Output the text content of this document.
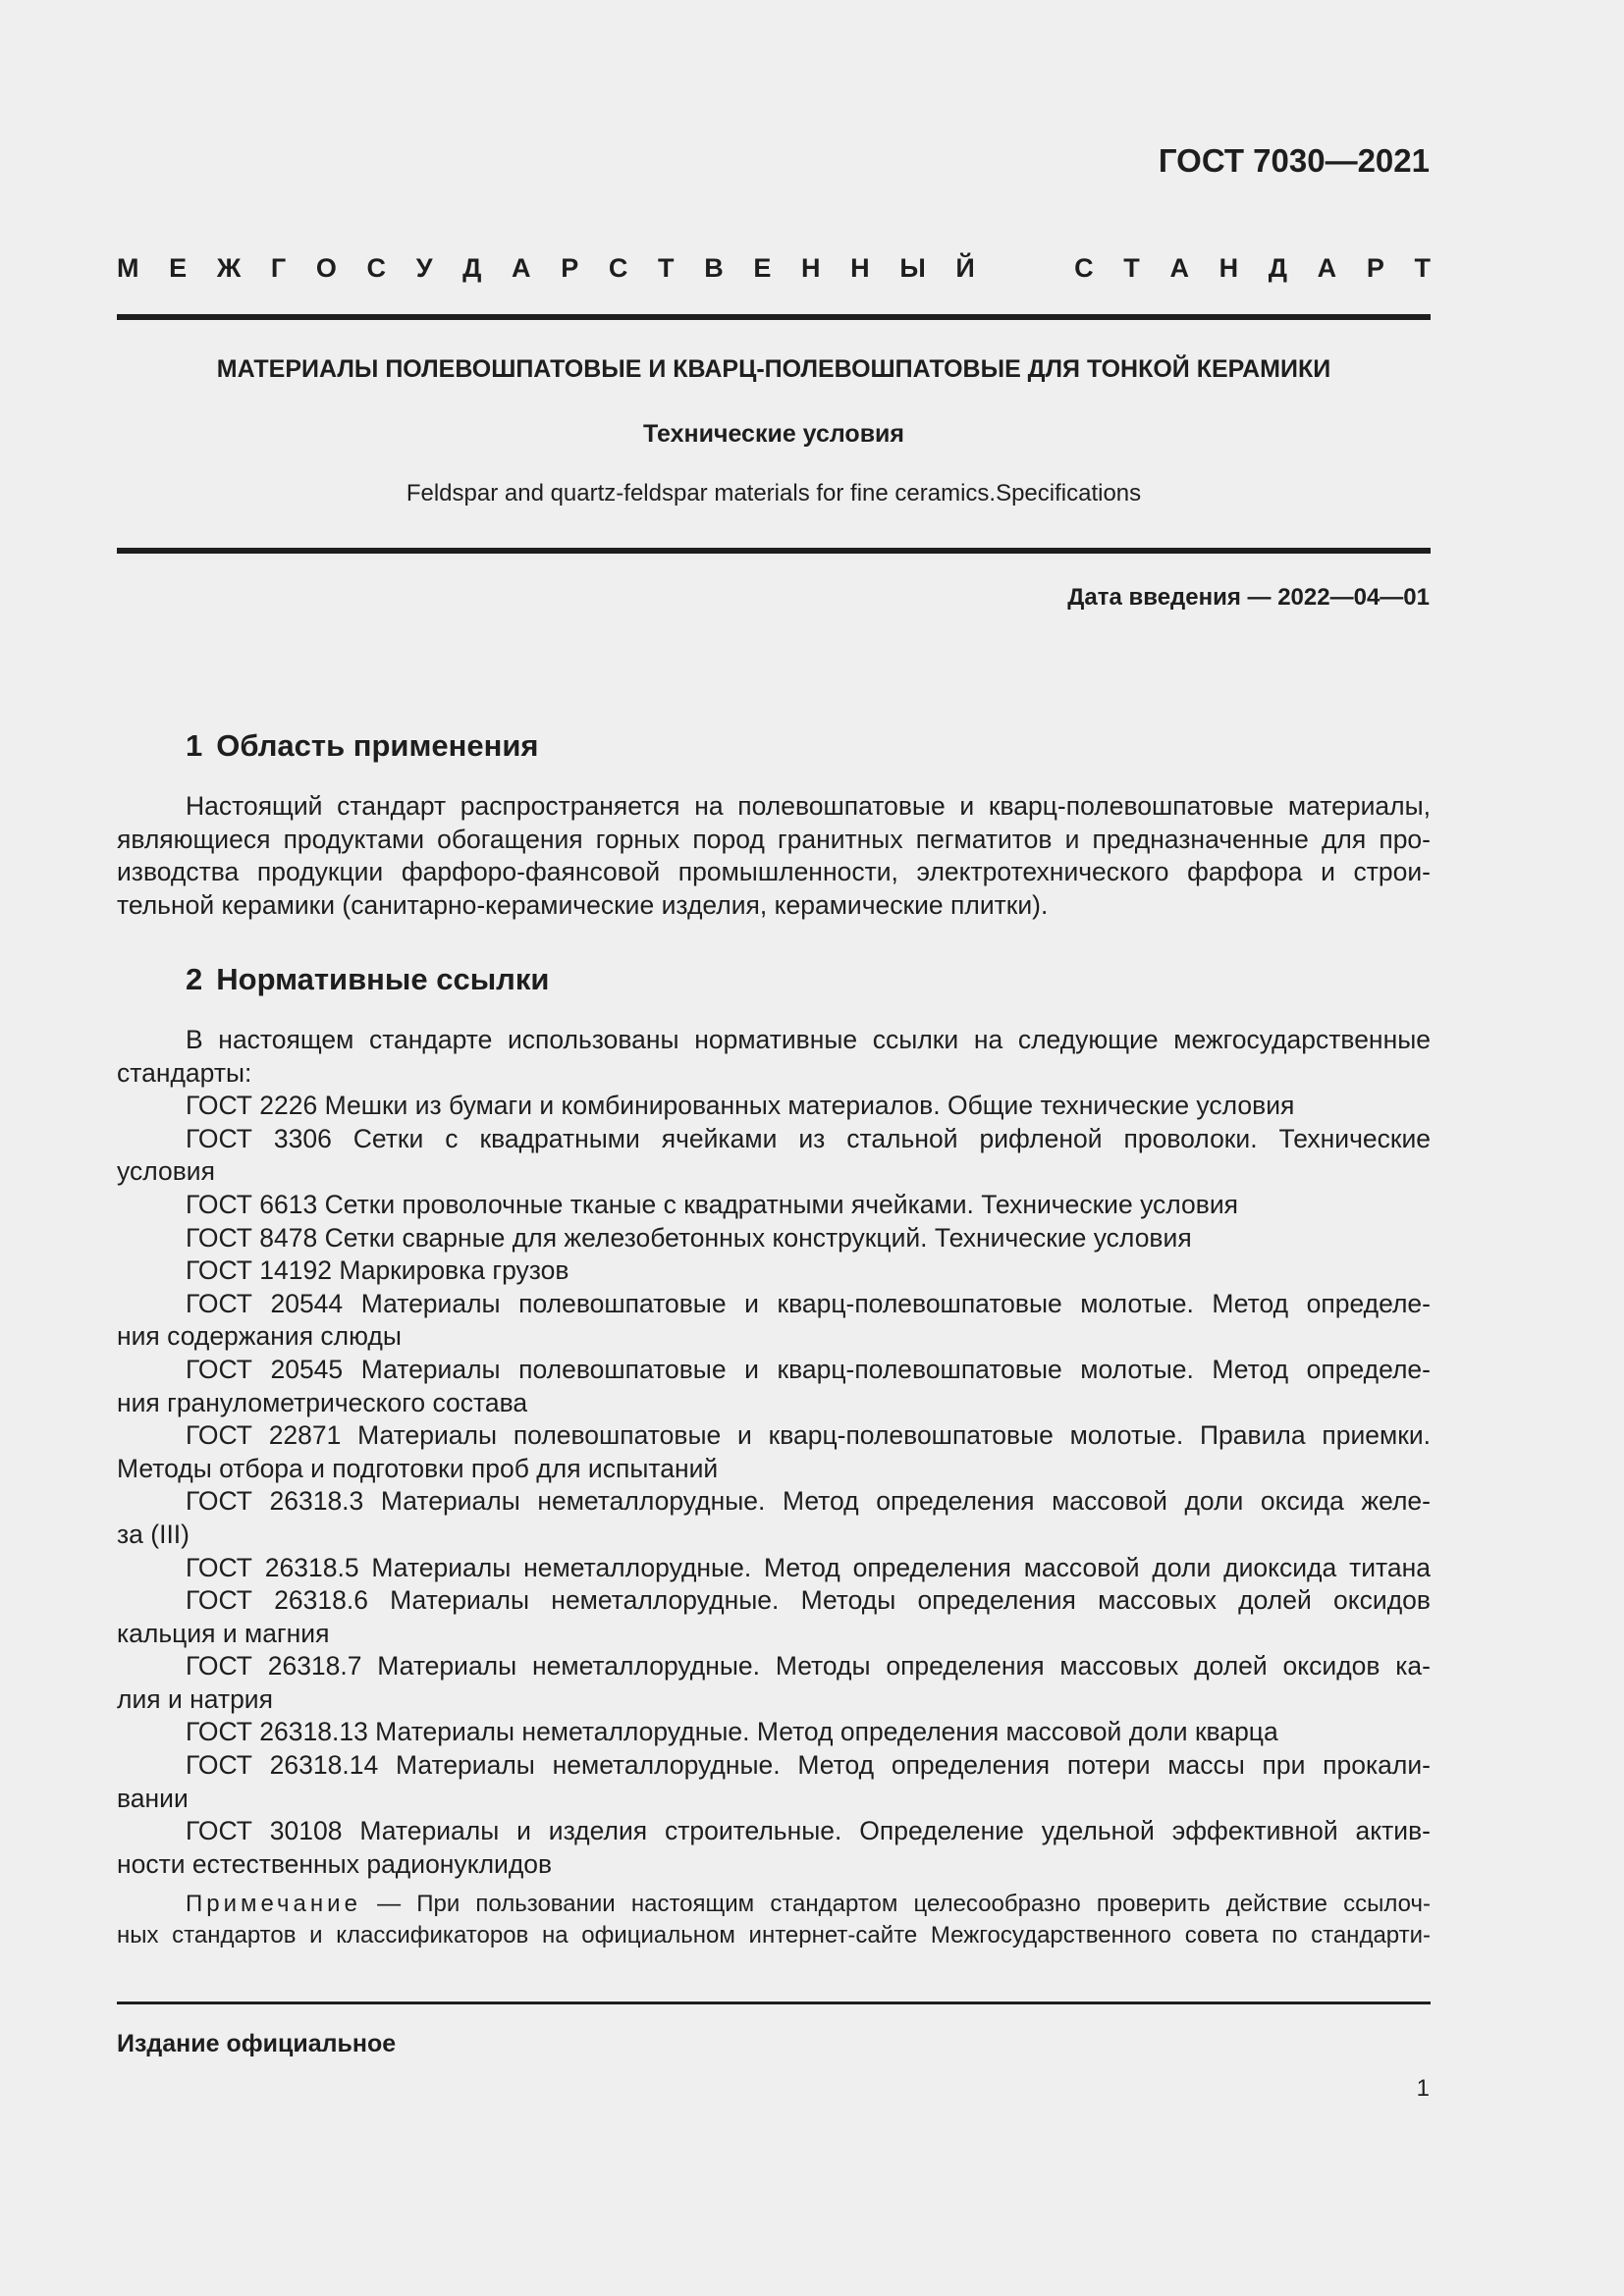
ГОСТ 7030—2021
М Е Ж Г О С У Д А Р С Т В Е Н Н Ы Й	С Т А Н Д А Р Т
МАТЕРИАЛЫ ПОЛЕВОШПАТОВЫЕ И КВАРЦ-ПОЛЕВОШПАТОВЫЕ ДЛЯ ТОНКОЙ КЕРАМИКИ
Технические условия
Feldspar and quartz-feldspar materials for fine ceramics.Specifications
Дата введения — 2022—04—01
1 Область применения
Настоящий стандарт распространяется на полевошпатовые и кварц-полевошпатовые материалы,
являющиеся продуктами обогащения горных пород гранитных пегматитов и предназначенные для про-
изводства продукции фарфоро-фаянсовой промышленности, электротехнического фарфора и строи-
тельной керамики (санитарно-керамические изделия, керамические плитки).
2 Нормативные ссылки
В настоящем стандарте использованы нормативные ссылки на следующие межгосударственные
стандарты:
ГОСТ 2226 Мешки из бумаги и комбинированных материалов. Общие технические условия
ГОСТ 3306 Сетки с квадратными ячейками из стальной рифленой проволоки. Технические
условия
ГОСТ 6613 Сетки проволочные тканые с квадратными ячейками. Технические условия
ГОСТ 8478 Сетки сварные для железобетонных конструкций. Технические условия
ГОСТ 14192 Маркировка грузов
ГОСТ 20544 Материалы полевошпатовые и кварц-полевошпатовые молотые. Метод определе-
ния содержания слюды
ГОСТ 20545 Материалы полевошпатовые и кварц-полевошпатовые молотые. Метод определе-
ния гранулометрического состава
ГОСТ 22871 Материалы полевошпатовые и кварц-полевошпатовые молотые. Правила приемки.
Методы отбора и подготовки проб для испытаний
ГОСТ 26318.3 Материалы неметаллорудные. Метод определения массовой доли оксида желе-
за (III)
ГОСТ 26318.5 Материалы неметаллорудные. Метод определения массовой доли диоксида титана
ГОСТ 26318.6 Материалы неметаллорудные. Методы определения массовых долей оксидов
кальция и магния
ГОСТ 26318.7 Материалы неметаллорудные. Методы определения массовых долей оксидов ка-
лия и натрия
ГОСТ 26318.13 Материалы неметаллорудные. Метод определения массовой доли кварца
ГОСТ 26318.14 Материалы неметаллорудные. Метод определения потери массы при прокали-
вании
ГОСТ 30108 Материалы и изделия строительные. Определение удельной эффективной актив-
ности естественных радионуклидов
Примечание — При пользовании настоящим стандартом целесообразно проверить действие ссылоч-
ных стандартов и классификаторов на официальном интернет-сайте Межгосударственного совета по стандарти-
Издание официальное
1
